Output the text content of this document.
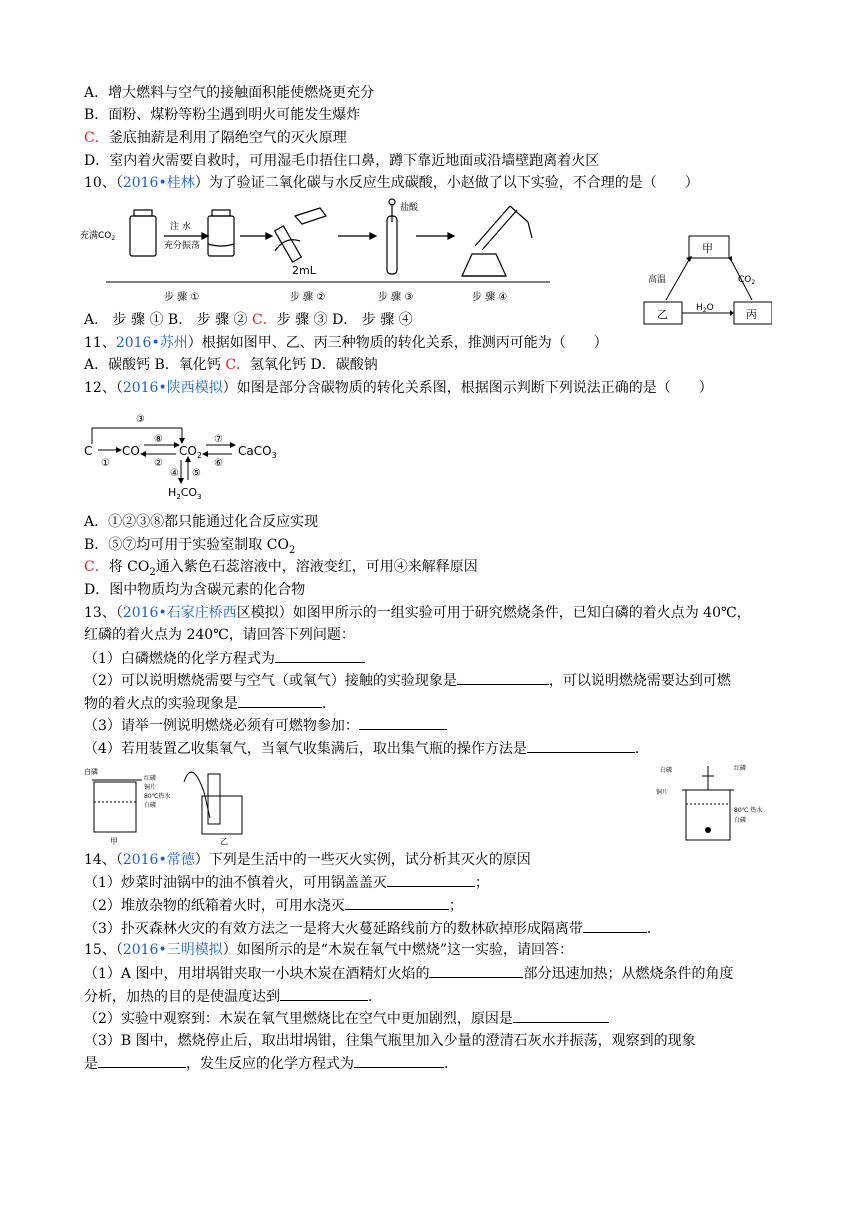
A．增大燃料与空气的接触面积能使燃烧更充分
B．面粉、煤粉等粉尘遇到明火可能发生爆炸
C．釜底抽薪是利用了隔绝空气的灭火原理
D．室内着火需要自救时，可用湿毛巾捂住口鼻，蹲下靠近地面或沿墙壁跑离着火区
10、（2016•桂林）为了验证二氧化碳与水反应生成碳酸，小赵做了以下实验，不合理的是（　　）
充满$CO_2$
注 水
充分振荡
2mL
盐酸
步 骤 ①	步 骤 ②	步 骤 ③	步 骤 ④
甲
乙	丙
高温	$CO_2$
$H_2O$
A． 步 骤 ① B． 步 骤 ② C．步 骤 ③ D． 步 骤 ④
11、2016•苏州）根据如图甲、乙、丙三种物质的转化关系，推测丙可能为（　　）
A．碳酸钙 B．氧化钙 C．氢氧化钙 D．碳酸钠
12、（2016•陕西模拟）如图是部分含碳物质的转化关系图，根据图示判断下列说法正确的是（　　）
C CO	$CO_2$	CaCO$_3$
$H_2CO_3$
③
①
⑧
②
⑦
⑥
④ ⑤
A．①②③⑧都只能通过化合反应实现
B．⑤⑦均可用于实验室制取 $CO_2$
C．将 $CO_2$通入紫色石蕊溶液中，溶液变红，可用④来解释原因
D．图中物质均为含碳元素的化合物
13、（2016•石家庄桥西区模拟）如图甲所示的一组实验可用于研究燃烧条件，已知白磷的着火点为 40℃，
红磷的着火点为 240℃，请回答下列问题：
（1）白磷燃烧的化学方程式为
（2）可以说明燃烧需要与空气（或氧气）接触的实验现象是	，可以说明燃烧需要达到可燃
物的着火点的实验现象是	．
（3）请举一例说明燃烧必须有可燃物参加：
（4）若用装置乙收集氧气，当氧气收集满后，取出集气瓶的操作方法是	．
白磷
红磷
铜片
80℃热水
白磷
甲	乙
白磷	红磷
铜片
80℃ 热水
白磷
14、（2016•常德）下列是生活中的一些灭火实例，试分析其灭火的原因
（1）炒菜时油锅中的油不慎着火，可用锅盖盖灭	；
（2）堆放杂物的纸箱着火时，可用水浇灭	；
（3）扑灭森林火灾的有效方法之一是将大火蔓延路线前方的数林砍掉形成隔离带	．
15、（2016•三明模拟）如图所示的是“木炭在氧气中燃烧”这一实验，请回答：
（1）A 图中，用坩埚钳夹取一小块木炭在酒精灯火焰的	部分迅速加热；从燃烧条件的角度
分析，加热的目的是使温度达到	．
（2）实验中观察到：木炭在氧气里燃烧比在空气中更加剧烈，原因是
（3）B 图中，燃烧停止后，取出坩埚钳，往集气瓶里加入少量的澄清石灰水并振荡，观察到的现象
是	，发生反应的化学方程式为	．
